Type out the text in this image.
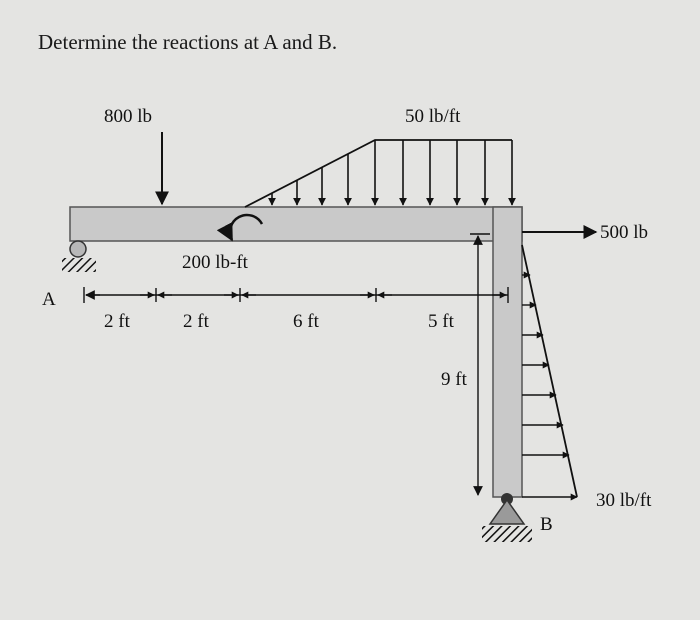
Determine the reactions at A and B.

A
B
800 lb	50 lb/ft
200 lb-ft
500 lb
30 lb/ft
2 ft	2 ft	6 ft	5 ft
9 ft
